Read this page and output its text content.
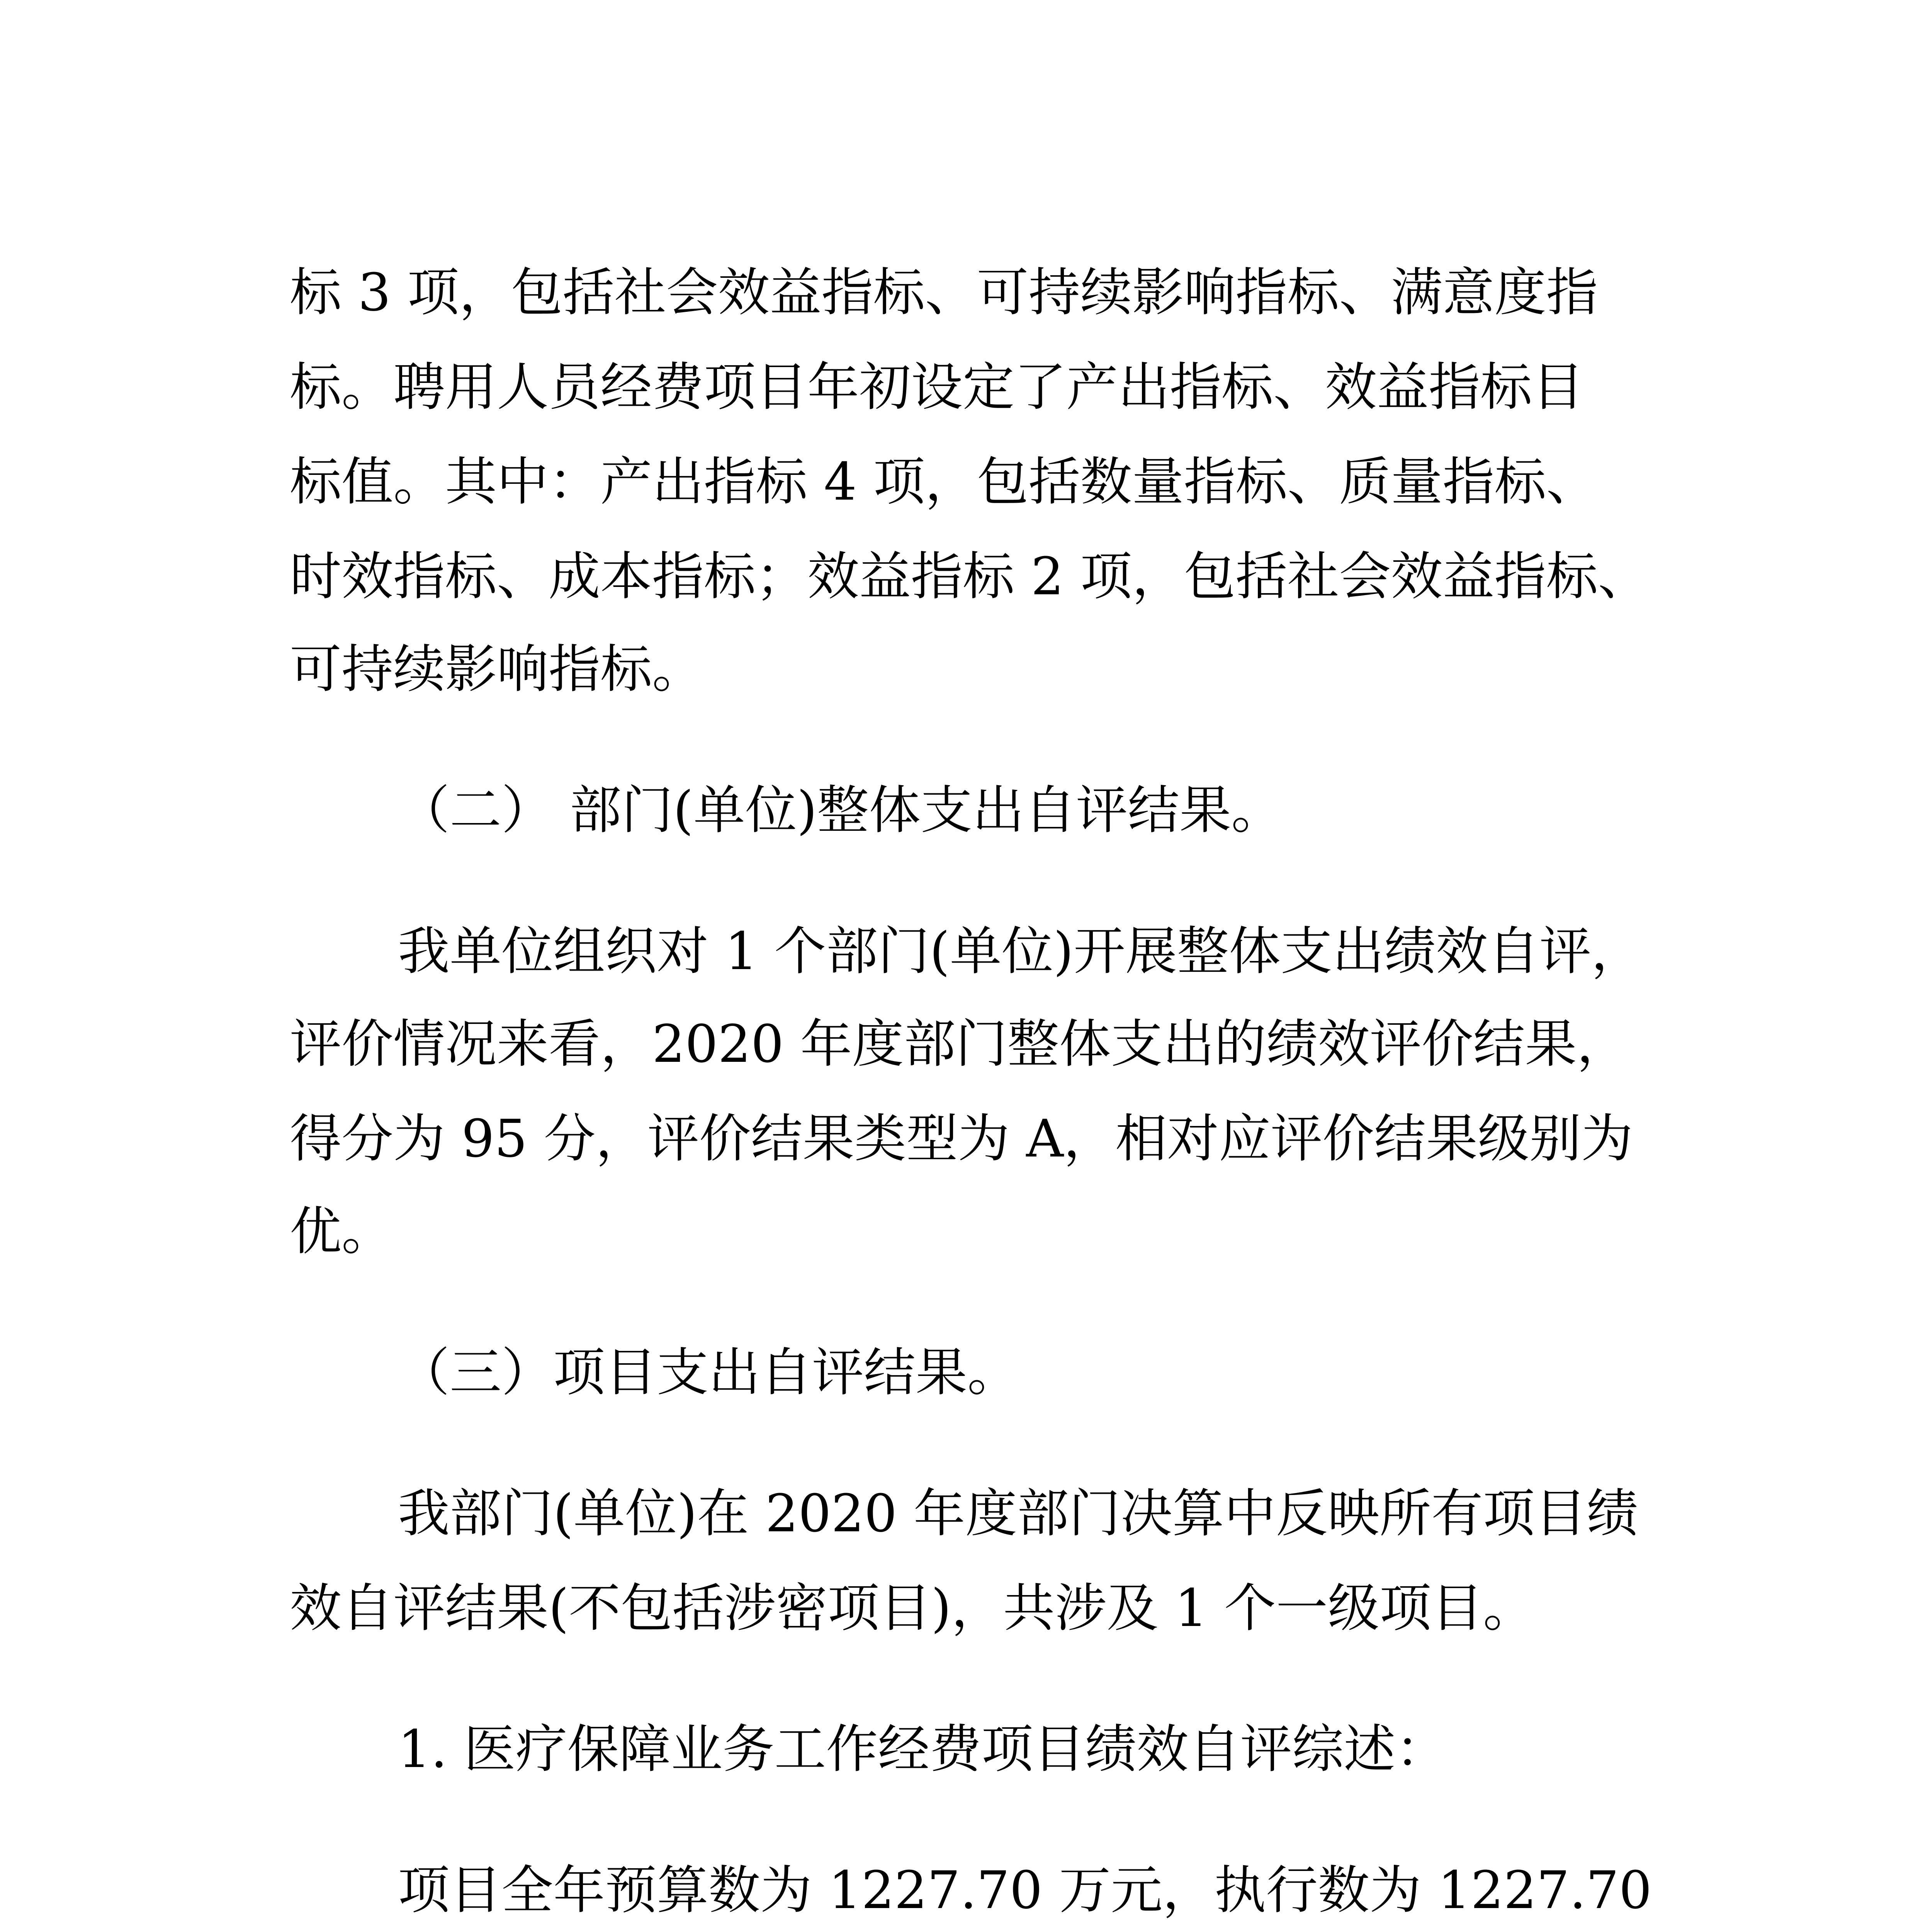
标 3 项，包括社会效益指标、可持续影响指标、满意度指
标。聘用人员经费项目年初设定了产出指标、效益指标目
标值。其中：产出指标 4 项，包括数量指标、质量指标、
时效指标、成本指标；效益指标 2 项，包括社会效益指标、
可持续影响指标。
（二） 部门(单位)整体支出自评结果。
我单位组织对 1 个部门(单位)开展整体支出绩效自评，
评价情况来看，2020 年度部门整体支出的绩效评价结果，
得分为 95 分，评价结果类型为 A，相对应评价结果级别为
优。
（三）项目支出自评结果。
我部门(单位)在 2020 年度部门决算中反映所有项目绩
效自评结果(不包括涉密项目)，共涉及 1 个一级项目。
1. 医疗保障业务工作经费项目绩效自评综述：
项目全年预算数为 1227.70 万元，执行数为 1227.70
